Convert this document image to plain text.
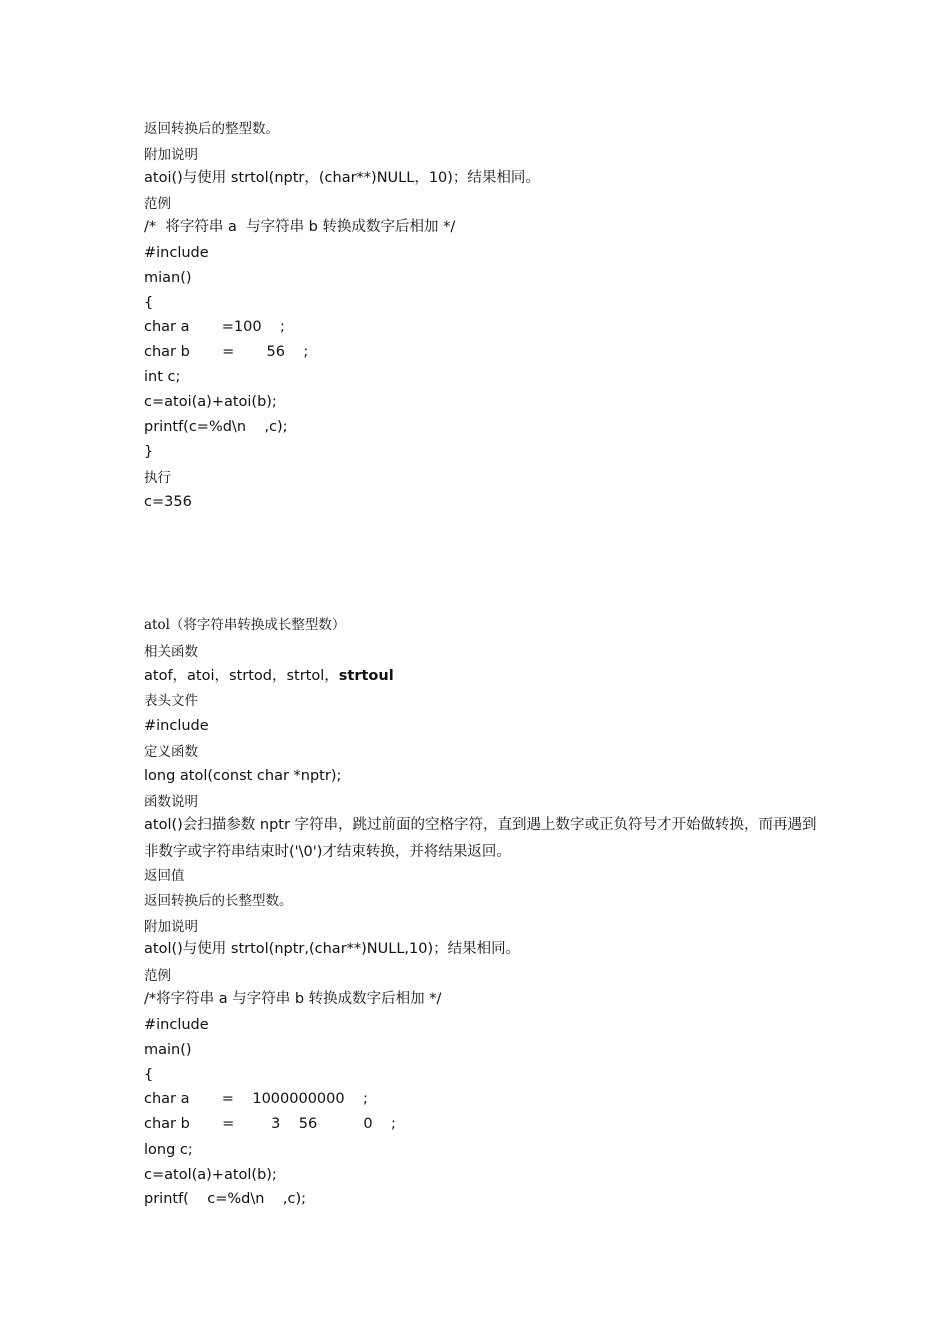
返回转换后的整型数。
附加说明
atoi()与使用 strtol(nptr，(char**)NULL，10)；结果相同。
范例
/*  将字符串 a  与字符串 b 转换成数字后相加 */
#include
mian()
{
char a       =100    ;
char b       =       56    ;
int c;
c=atoi(a)+atoi(b);
printf(c=%d\n    ,c);
}
执行
c=356
atol（将字符串转换成长整型数）
相关函数
atof，atoi，strtod，strtol，strtoul
表头文件
#include
定义函数
long atol(const char *nptr);
函数说明
atol()会扫描参数 nptr 字符串，跳过前面的空格字符，直到遇上数字或正负符号才开始做转换，而再遇到
非数字或字符串结束时('\0')才结束转换，并将结果返回。
返回值
返回转换后的长整型数。
附加说明
atol()与使用 strtol(nptr,(char**)NULL,10)；结果相同。
范例
/*将字符串 a 与字符串 b 转换成数字后相加 */
#include
main()
{
char a       =    1000000000    ;
char b       =        3    56          0    ;
long c;
c=atol(a)+atol(b);
printf(    c=%d\n    ,c);
